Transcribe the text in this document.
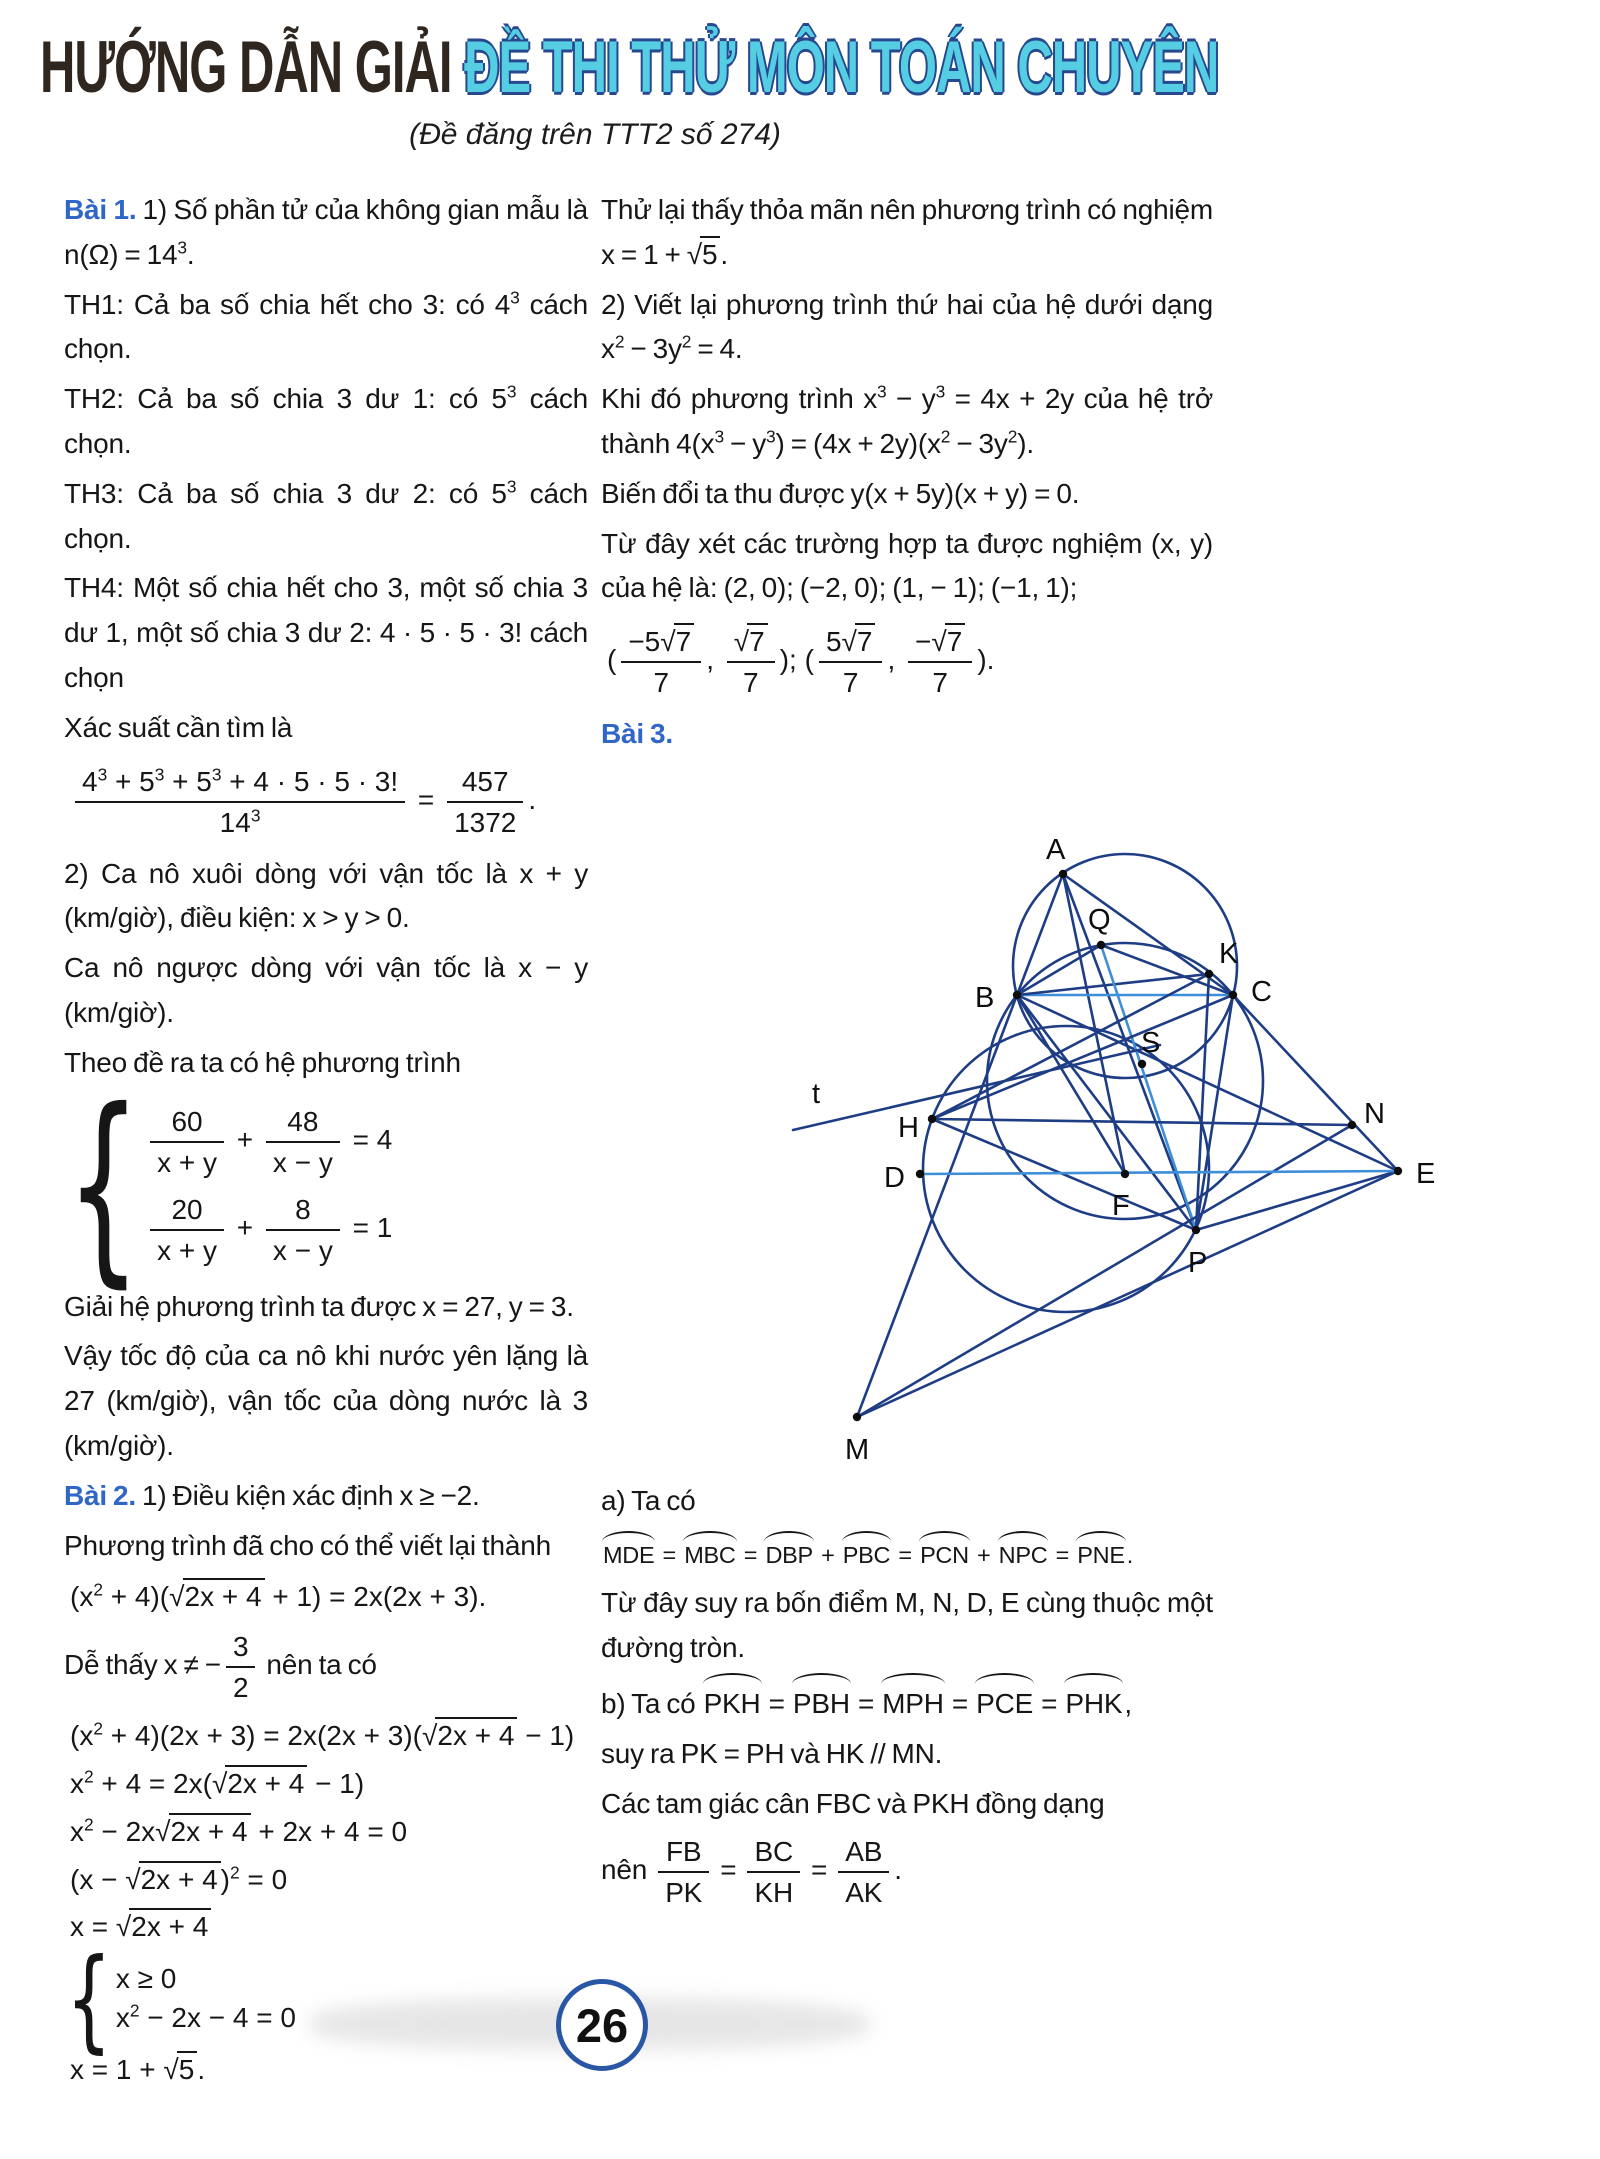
HƯỚNG DẪN GIẢI ĐỀ THI THỬ MÔN TOÁN CHUYÊN
(Đề đăng trên TTT2 số 274)

Bài 1. 1) Số phần tử của không gian mẫu là $n(\Omega) = 14^3$.

TH1: Cả ba số chia hết cho 3: có $4^3$ cách chọn.

TH2: Cả ba số chia 3 dư 1: có $5^3$ cách chọn.

TH3: Cả ba số chia 3 dư 2: có $5^3$ cách chọn.

TH4: Một số chia hết cho 3, một số chia 3 dư 1, một số chia 3 dư 2: 4 · 5 · 5 · 3! cách chọn

Xác suất cần tìm là

$\frac{4^3 + 5^3 + 5^3 + 4 \cdot 5 \cdot 5 \cdot 3!}{14^3} = \frac{457}{1372}$ .

2) Ca nô xuôi dòng với vận tốc là x + y (km/giờ), điều kiện: x > y > 0.

Ca nô ngược dòng với vận tốc là x − y (km/giờ).

Theo đề ra ta có hệ phương trình

{ $\frac{60}{x + y} + \frac{48}{x - y} = 4$
$\frac{20}{x + y} + \frac{8}{x - y} = 1$

Giải hệ phương trình ta được x = 27, y = 3.

Vậy tốc độ của ca nô khi nước yên lặng là 27 (km/giờ), vận tốc của dòng nước là 3 (km/giờ).

Bài 2. 1) Điều kiện xác định x ≥ −2.

Phương trình đã cho có thể viết lại thành

$(x^2 + 4)(√2x + 4 + 1) = 2x(2x + 3)$.

Dễ thấy x ≠ − $\frac{3}{2}$ nên ta có

$(x^2 + 4)(2x + 3) = 2x(2x + 3)(√2x + 4 - 1)$
$x^2 + 4 = 2x(√2x + 4 - 1)$
$x^2 - 2x√2x + 4 + 2x + 4 = 0$
(x − √2x + 4 )$^2$ = 0
x = √2x + 4
{ x ≥ 0
$x^2 - 2x - 4 = 0$
x = 1 + √5 .

Thử lại thấy thỏa mãn nên phương trình có nghiệm x = 1 + √5 .

2) Viết lại phương trình thứ hai của hệ dưới dạng $x^2 - 3y^2 = 4$.

Khi đó phương trình $x^3 - y^3 = 4x + 2y$ của hệ trở thành $4(x^3 - y^3) = (4x + 2y)(x^2 - 3y^2)$.

Biến đổi ta thu được y(x + 5y)(x + y) = 0.

Từ đây xét các trường hợp ta được nghiệm (x, y) của hệ là: (2, 0); (−2, 0); (1, − 1); (−1, 1);

( $\frac{-5√7}{7}$ , $\frac{√7}{7}$ ); ( $\frac{5√7}{7}$ , $\frac{-√7}{7}$ ).

Bài 3.

A
Q
K
B	C
S
H	N
D
F
E
P
M
t

a) Ta có

MDE = MBC = DBP + PBC = PCN + NPC = PNE.

Từ đây suy ra bốn điểm M, N, D, E cùng thuộc một đường tròn.

b) Ta có PKH = PBH = MPH = PCE = PHK,

suy ra PK = PH và HK // MN.

Các tam giác cân FBC và PKH đồng dạng

nên $\frac{FB}{PK} = \frac{BC}{KH} = \frac{AB}{AK}$ .

26
